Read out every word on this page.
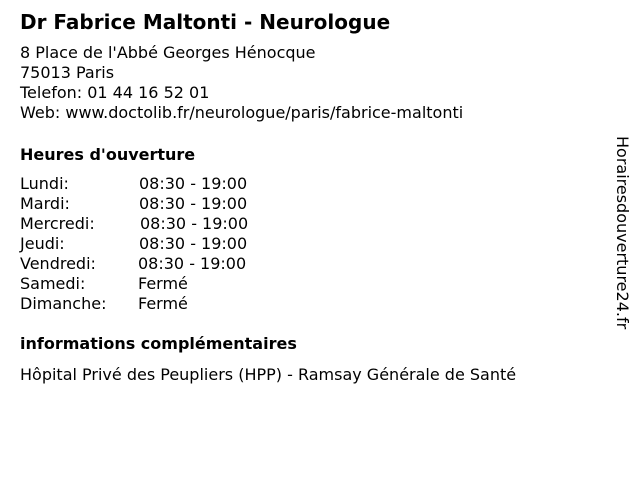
Dr Fabrice Maltonti - Neurologue
8 Place de l'Abbé Georges Hénocque
75013 Paris
Telefon: 01 44 16 52 01
Web: www.doctolib.fr/neurologue/paris/fabrice-maltonti
Heures d'ouverture
Lundi:	08:30 - 19:00
Mardi:	08:30 - 19:00
Mercredi:	08:30 - 19:00
Jeudi:	08:30 - 19:00
Vendredi:	08:30 - 19:00
Samedi:	Fermé
Dimanche: Fermé
informations complémentaires
Hôpital Privé des Peupliers (HPP) - Ramsay Générale de Santé
Horairesdouverture24.fr
